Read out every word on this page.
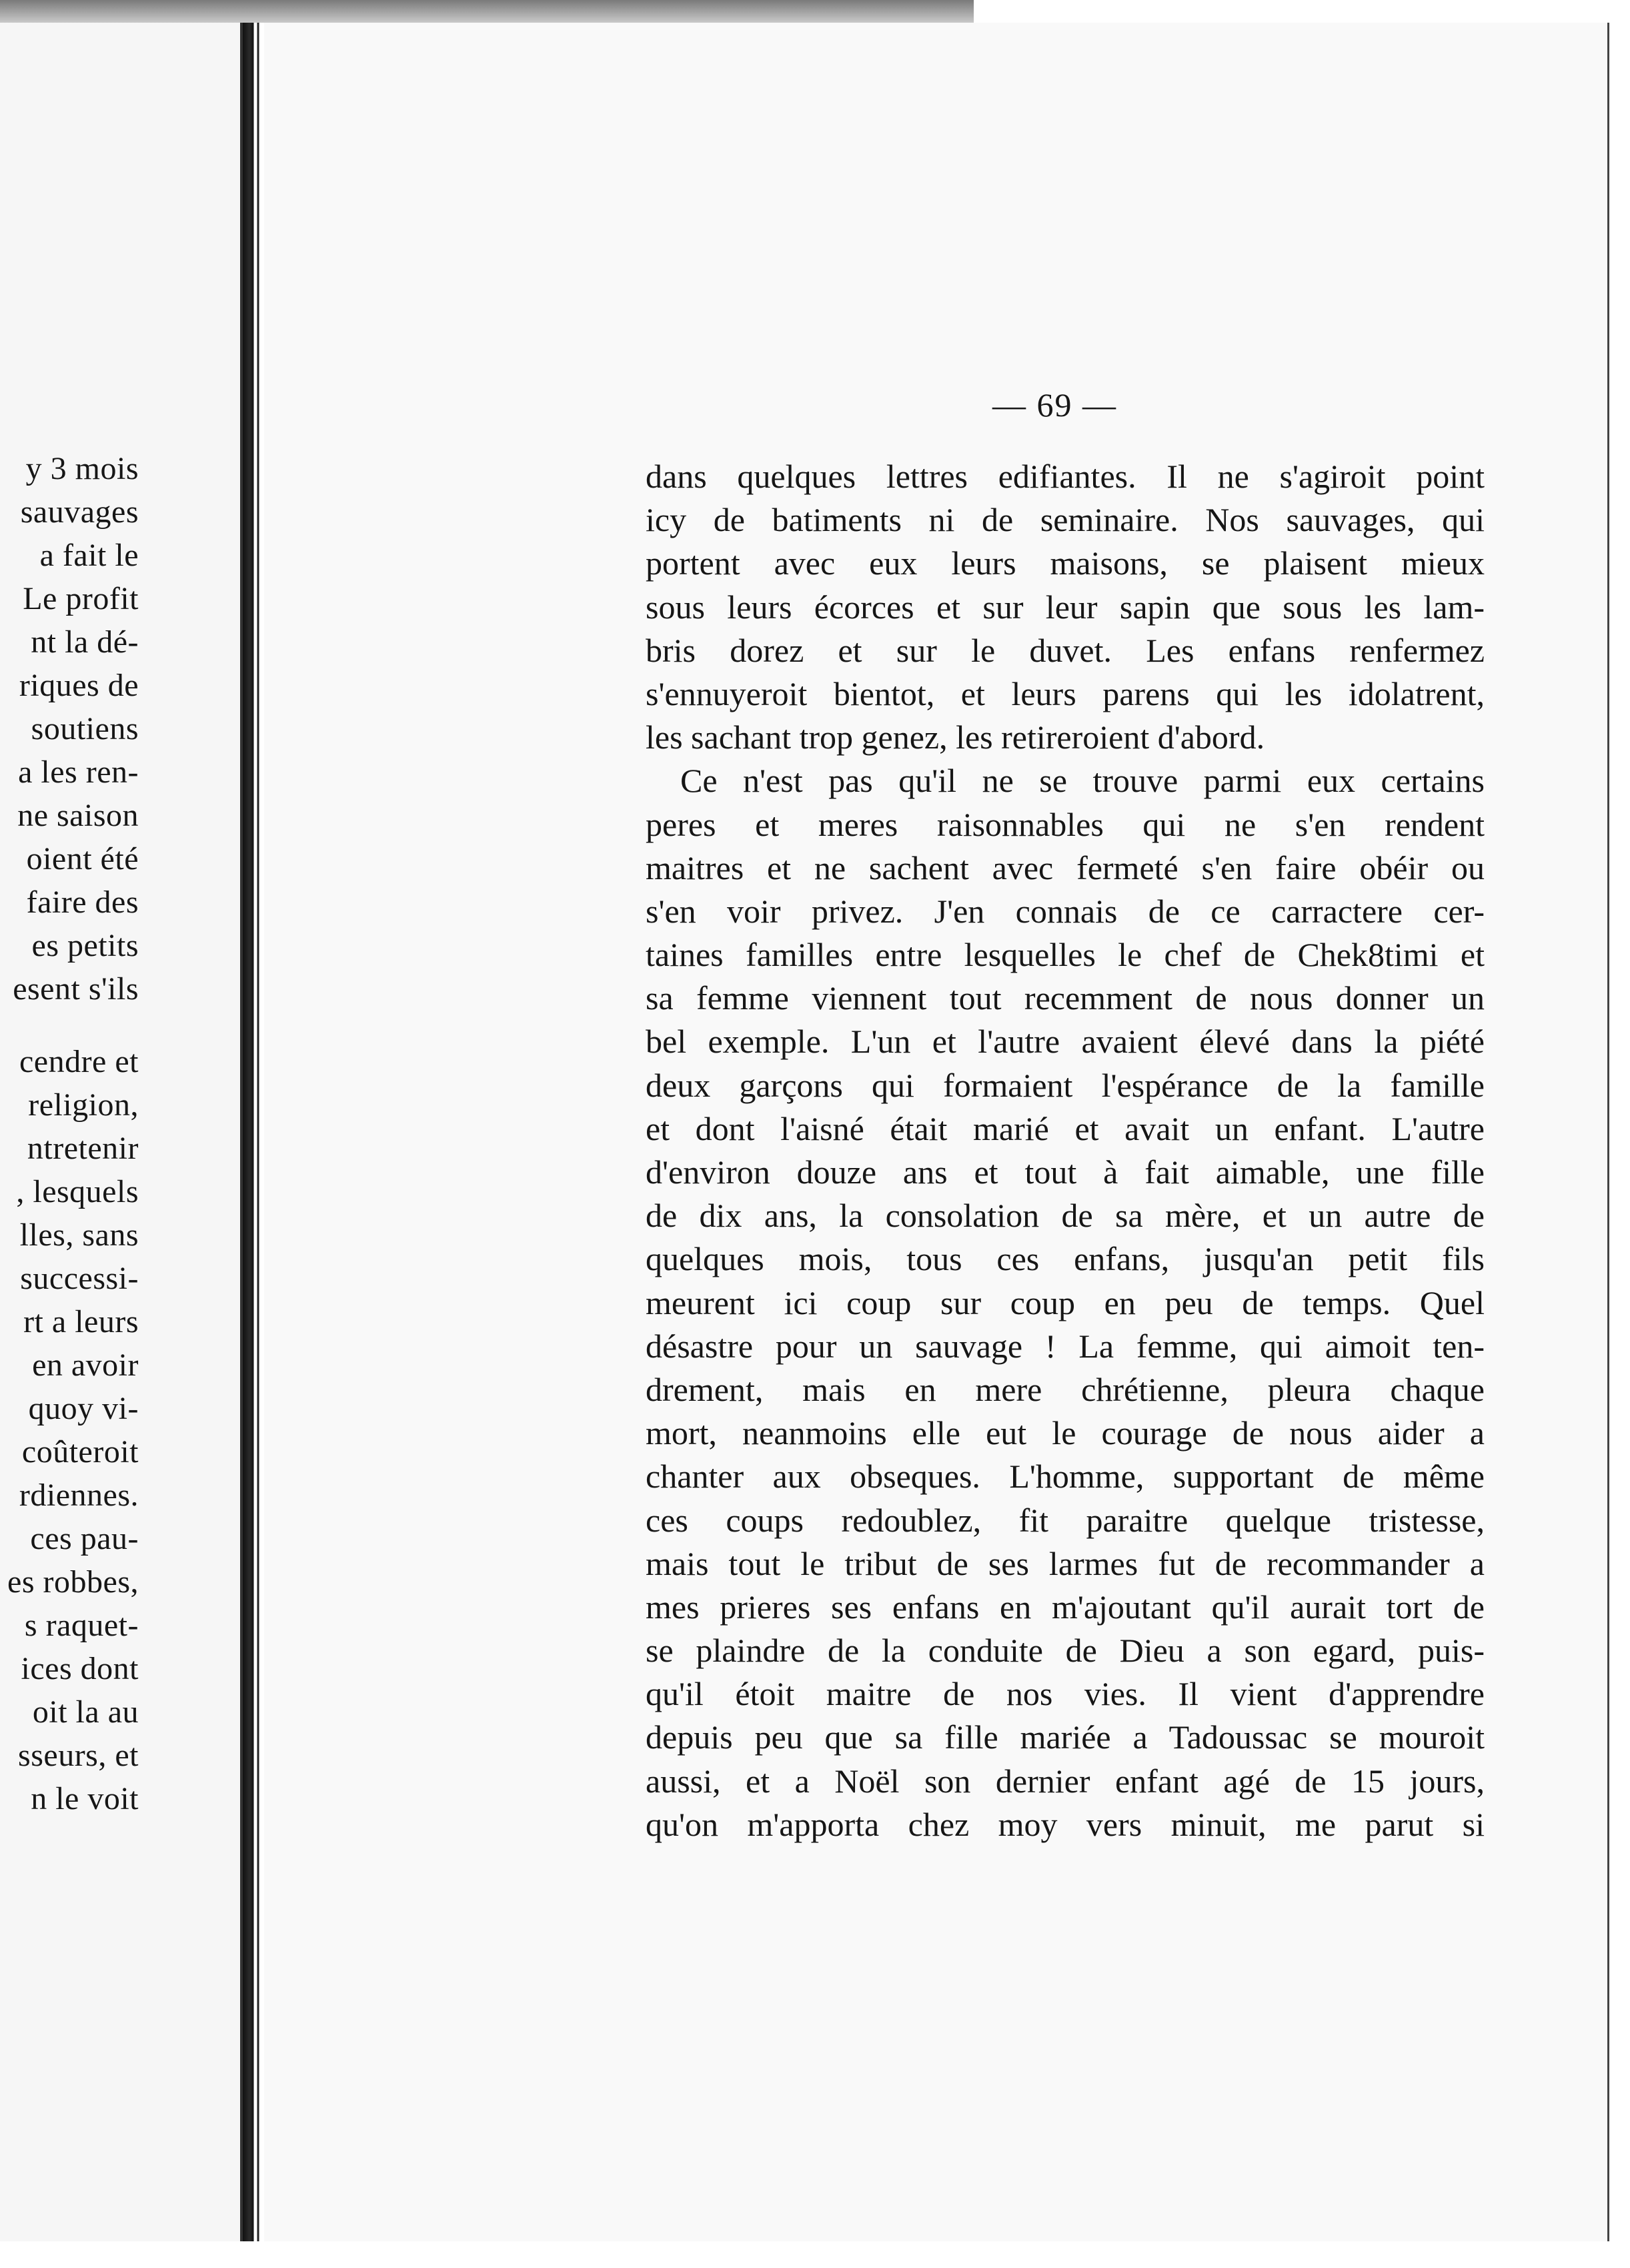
y 3 mois
sauvages
a fait le
Le profit
nt la dé-
riques de
soutiens
a les ren-
ne saison
oient été
faire des
es petits
esent s'ils
cendre et
religion,
ntretenir
, lesquels
lles, sans
successi-
rt a leurs
en avoir
quoy vi-
coûteroit
rdiennes.
ces pau-
es robbes,
s raquet-
ices dont
oit la au
sseurs, et
n le voit
— 69 —
dans quelques lettres edifiantes. Il ne s'agiroit point
icy de batiments ni de seminaire. Nos sauvages, qui
portent avec eux leurs maisons, se plaisent mieux
sous leurs écorces et sur leur sapin que sous les lam-
bris dorez et sur le duvet. Les enfans renfermez
s'ennuyeroit bientot, et leurs parens qui les idolatrent,
les sachant trop genez, les retireroient d'abord.
Ce n'est pas qu'il ne se trouve parmi eux certains
peres et meres raisonnables qui ne s'en rendent
maitres et ne sachent avec fermeté s'en faire obéir ou
s'en voir privez. J'en connais de ce carractere cer-
taines familles entre lesquelles le chef de Chek8timi et
sa femme viennent tout recemment de nous donner un
bel exemple. L'un et l'autre avaient élevé dans la piété
deux garçons qui formaient l'espérance de la famille
et dont l'aisné était marié et avait un enfant. L'autre
d'environ douze ans et tout à fait aimable, une fille
de dix ans, la consolation de sa mère, et un autre de
quelques mois, tous ces enfans, jusqu'an petit fils
meurent ici coup sur coup en peu de temps. Quel
désastre pour un sauvage ! La femme, qui aimoit ten-
drement, mais en mere chrétienne, pleura chaque
mort, neanmoins elle eut le courage de nous aider a
chanter aux obseques. L'homme, supportant de même
ces coups redoublez, fit paraitre quelque tristesse,
mais tout le tribut de ses larmes fut de recommander a
mes prieres ses enfans en m'ajoutant qu'il aurait tort de
se plaindre de la conduite de Dieu a son egard, puis-
qu'il étoit maitre de nos vies. Il vient d'apprendre
depuis peu que sa fille mariée a Tadoussac se mouroit
aussi, et a Noël son dernier enfant agé de 15 jours,
qu'on m'apporta chez moy vers minuit, me parut si
